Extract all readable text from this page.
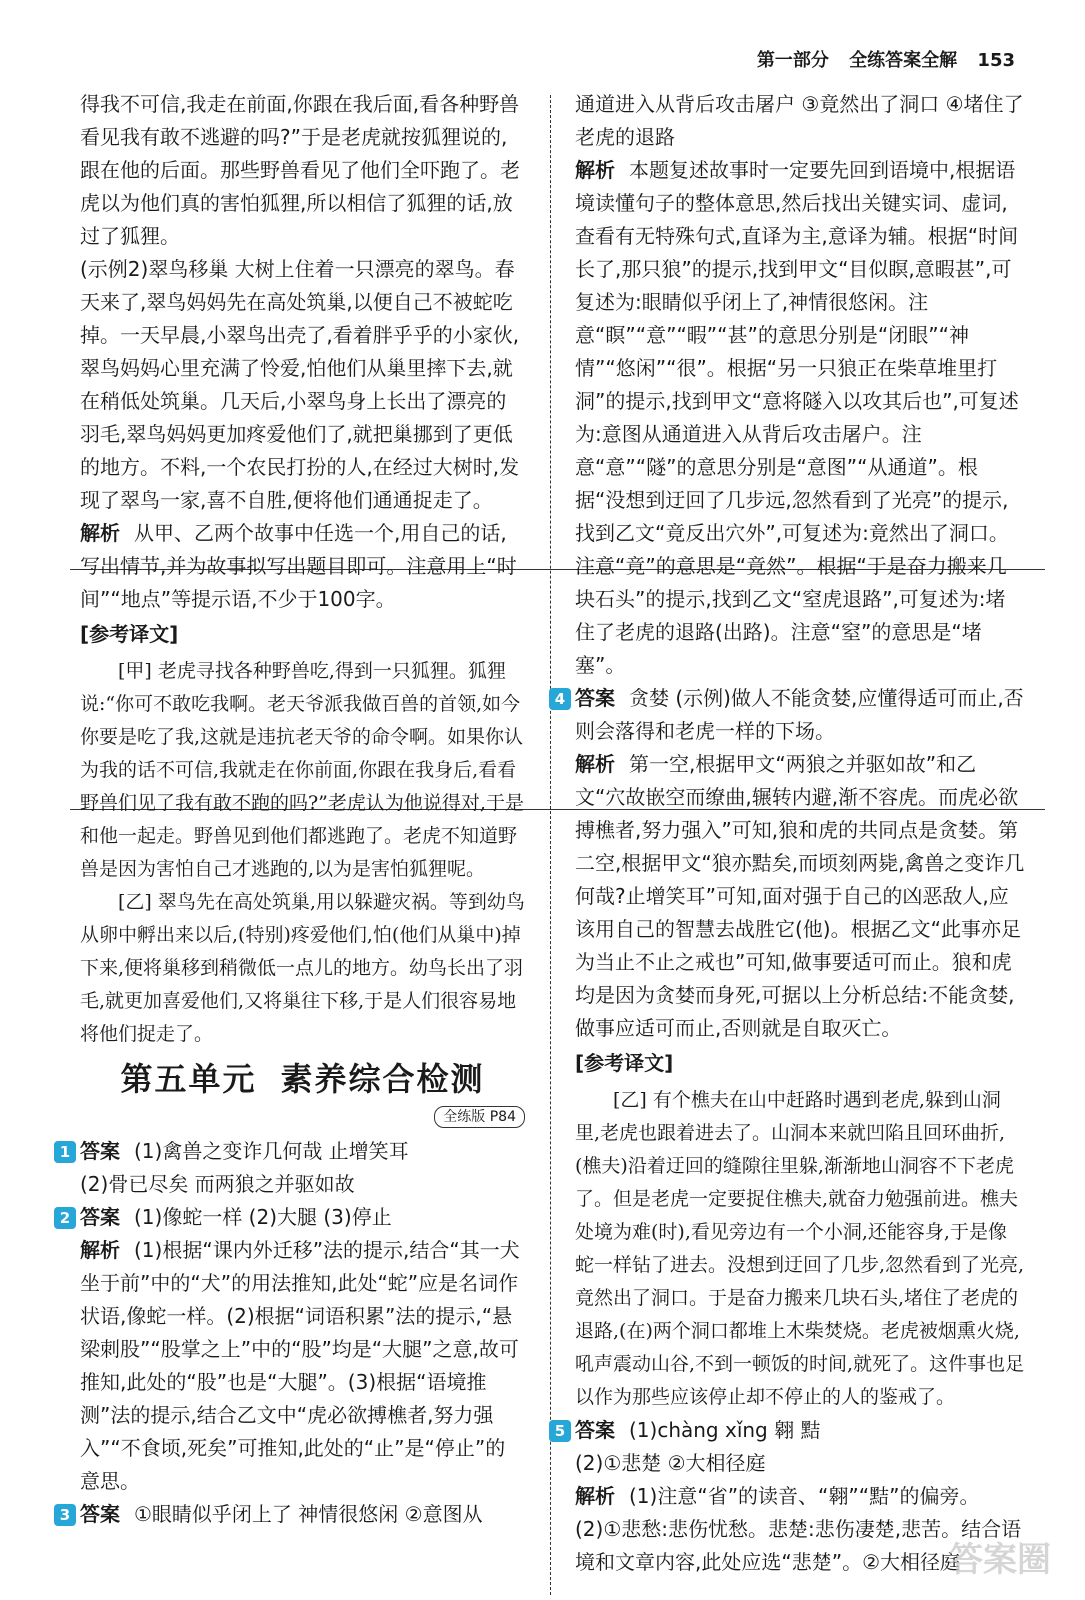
第一部分 全练答案全解 153

得我不可信,我走在前面,你跟在我后面,看各种野兽看见我有敢不逃避的吗?”于是老虎就按狐狸说的,跟在他的后面。那些野兽看见了他们全吓跑了。老虎以为他们真的害怕狐狸,所以相信了狐狸的话,放过了狐狸。

(示例2)翠鸟移巢 大树上住着一只漂亮的翠鸟。春天来了,翠鸟妈妈先在高处筑巢,以便自己不被蛇吃掉。一天早晨,小翠鸟出壳了,看着胖乎乎的小家伙,翠鸟妈妈心里充满了怜爱,怕他们从巢里摔下去,就在稍低处筑巢。几天后,小翠鸟身上长出了漂亮的羽毛,翠鸟妈妈更加疼爱他们了,就把巢挪到了更低的地方。不料,一个农民打扮的人,在经过大树时,发现了翠鸟一家,喜不自胜,便将他们通通捉走了。

解析 从甲、乙两个故事中任选一个,用自己的话,写出情节,并为故事拟写出题目即可。注意用上“时间”“地点”等提示语,不少于100字。

[参考译文]

[甲] 老虎寻找各种野兽吃,得到一只狐狸。狐狸说:“你可不敢吃我啊。老天爷派我做百兽的首领,如今你要是吃了我,这就是违抗老天爷的命令啊。如果你认为我的话不可信,我就走在你前面,你跟在我身后,看看野兽们见了我有敢不跑的吗?”老虎认为他说得对,于是和他一起走。野兽见到他们都逃跑了。老虎不知道野兽是因为害怕自己才逃跑的,以为是害怕狐狸呢。

[乙] 翠鸟先在高处筑巢,用以躲避灾祸。等到幼鸟从卵中孵出来以后,(特别)疼爱他们,怕(他们从巢中)掉下来,便将巢移到稍微低一点儿的地方。幼鸟长出了羽毛,就更加喜爱他们,又将巢往下移,于是人们很容易地将他们捉走了。

第五单元 素养综合检测
全练版 P84

1 答案 (1)禽兽之变诈几何哉 止增笑耳

(2)骨已尽矣 而两狼之并驱如故

2 答案 (1)像蛇一样 (2)大腿 (3)停止

解析 (1)根据“课内外迁移”法的提示,结合“其一犬坐于前”中的“犬”的用法推知,此处“蛇”应是名词作状语,像蛇一样。(2)根据“词语积累”法的提示,“悬梁刺股”“股掌之上”中的“股”均是“大腿”之意,故可推知,此处的“股”也是“大腿”。(3)根据“语境推测”法的提示,结合乙文中“虎必欲搏樵者,努力强入”“不食顷,死矣”可推知,此处的“止”是“停止”的意思。

3 答案 ①眼睛似乎闭上了 神情很悠闲 ②意图从

通道进入从背后攻击屠户 ③竟然出了洞口 ④堵住了老虎的退路

解析 本题复述故事时一定要先回到语境中,根据语境读懂句子的整体意思,然后找出关键实词、虚词,查看有无特殊句式,直译为主,意译为辅。根据“时间长了,那只狼”的提示,找到甲文“目似瞑,意暇甚”,可复述为:眼睛似乎闭上了,神情很悠闲。注意“瞑”“意”“暇”“甚”的意思分别是“闭眼”“神情”“悠闲”“很”。根据“另一只狼正在柴草堆里打洞”的提示,找到甲文“意将隧入以攻其后也”,可复述为:意图从通道进入从背后攻击屠户。注意“意”“隧”的意思分别是“意图”“从通道”。根据“没想到迂回了几步远,忽然看到了光亮”的提示,找到乙文“竟反出穴外”,可复述为:竟然出了洞口。注意“竟”的意思是“竟然”。根据“于是奋力搬来几块石头”的提示,找到乙文“窒虎退路”,可复述为:堵住了老虎的退路(出路)。注意“窒”的意思是“堵塞”。

4 答案 贪婪 (示例)做人不能贪婪,应懂得适可而止,否则会落得和老虎一样的下场。

解析 第一空,根据甲文“两狼之并驱如故”和乙文“穴故嵌空而缭曲,辗转内避,渐不容虎。而虎必欲搏樵者,努力强入”可知,狼和虎的共同点是贪婪。第二空,根据甲文“狼亦黠矣,而顷刻两毙,禽兽之变诈几何哉?止增笑耳”可知,面对强于自己的凶恶敌人,应该用自己的智慧去战胜它(他)。根据乙文“此事亦足为当止不止之戒也”可知,做事要适可而止。狼和虎均是因为贪婪而身死,可据以上分析总结:不能贪婪,做事应适可而止,否则就是自取灭亡。

[参考译文]

[乙] 有个樵夫在山中赶路时遇到老虎,躲到山洞里,老虎也跟着进去了。山洞本来就凹陷且回环曲折,(樵夫)沿着迂回的缝隙往里躲,渐渐地山洞容不下老虎了。但是老虎一定要捉住樵夫,就奋力勉强前进。樵夫处境为难(时),看见旁边有一个小洞,还能容身,于是像蛇一样钻了进去。没想到迂回了几步,忽然看到了光亮,竟然出了洞口。于是奋力搬来几块石头,堵住了老虎的退路,(在)两个洞口都堆上木柴焚烧。老虎被烟熏火烧,吼声震动山谷,不到一顿饭的时间,就死了。这件事也足以作为那些应该停止却不停止的人的鉴戒了。

5 答案 (1)chàng xǐng 翱 黠

(2)①悲楚 ②大相径庭

解析 (1)注意“省”的读音、“翱”“黠”的偏旁。(2)①悲愁:悲伤忧愁。悲楚:悲伤凄楚,悲苦。结合语境和文章内容,此处应选“悲楚”。②大相径庭

答案圈
